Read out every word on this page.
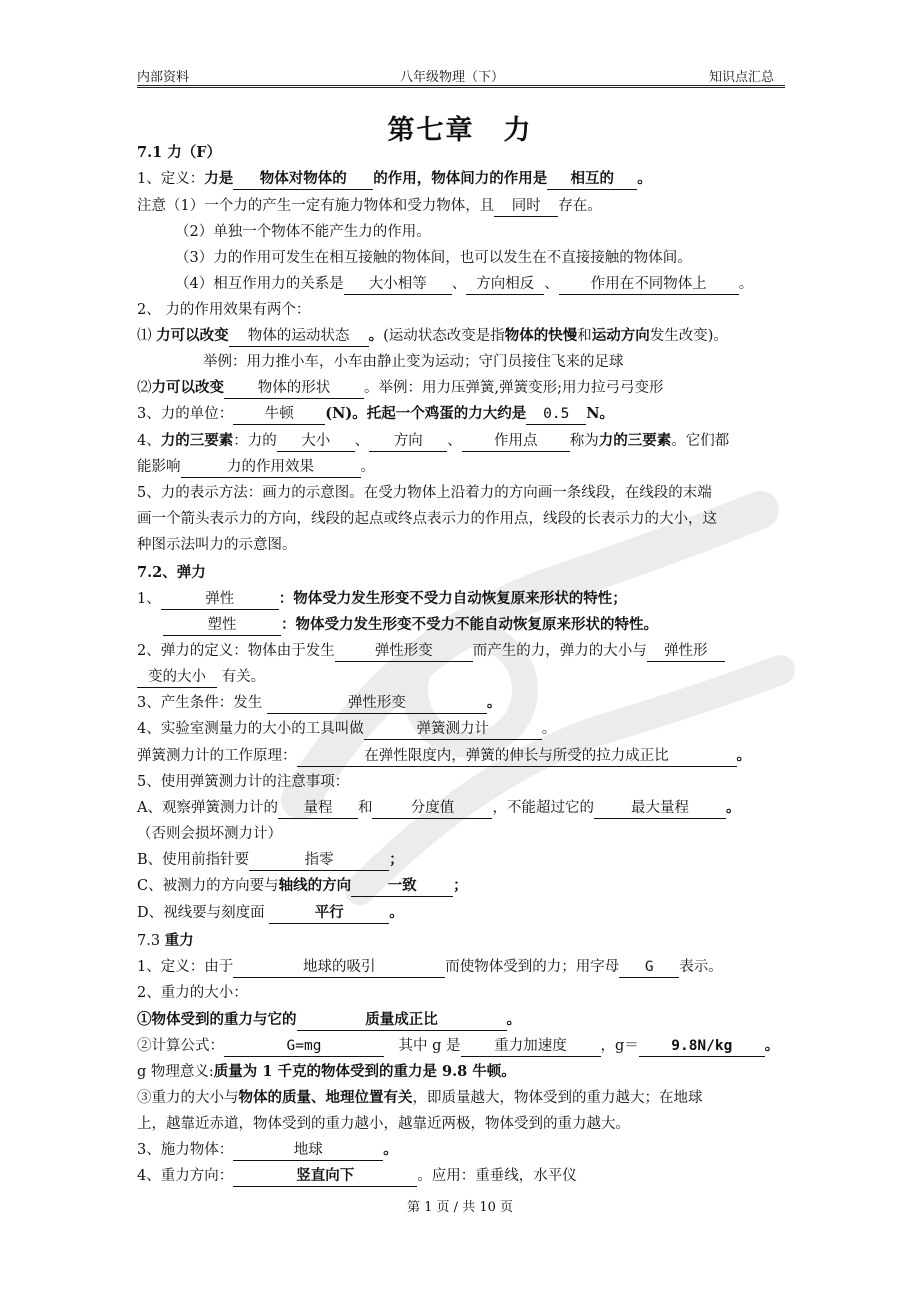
内部资料	八年级物理（下）	知识点汇总
第七章　力
7.1 力（F）
1、定义：力是 物体对物体的 的作用，物体间力的作用是 相互的 。
注意（1）一个力的产生一定有施力物体和受力物体，且 同时 存在。
（2）单独一个物体不能产生力的作用。
（3）力的作用可发生在相互接触的物体间，也可以发生在不直接接触的物体间。
（4）相互作用力的关系是 大小相等 、 方向相反 、 作用在不同物体上 。
2、 力的作用效果有两个：
⑴ 力可以改变 物体的运动状态 。(运动状态改变是指物体的快慢和运动方向发生改变)。
举例：用力推小车，小车由静止变为运动；守门员接住飞来的足球
⑵力可以改变 物体的形状 。举例：用力压弹簧,弹簧变形;用力拉弓弓变形
3、力的单位： 牛顿 (N)。托起一个鸡蛋的力大约是 0.5 N。
4、力的三要素：力的 大小 、 方向 、 作用点 称为力的三要素。它们都
能影响	力的作用效果	。
5、力的表示方法：画力的示意图。在受力物体上沿着力的方向画一条线段，在线段的末端
画一个箭头表示力的方向，线段的起点或终点表示力的作用点，线段的长表示力的大小，这
种图示法叫力的示意图。
7.2、弹力
1、	弹性	：物体受力发生形变不受力自动恢复原来形状的特性；
塑性	：物体受力发生形变不受力不能自动恢复原来形状的特性。
2、弹力的定义：物体由于发生	弹性形变	而产生的力，弹力的大小与 弹性形
变的大小 有关。
3、产生条件：发生	弹性形变	。
4、实验室测量力的大小的工具叫做	弹簧测力计	。
弹簧测力计的工作原理：	在弹性限度内，弹簧的伸长与所受的拉力成正比	。
5、使用弹簧测力计的注意事项：
A、观察弹簧测力计的 量程 和	分度值	，不能超过它的	最大量程	。
（否则会损坏测力计）
B、使用前指针要	指零	；
C、被测力的方向要与轴线的方向	一致	；
D、视线要与刻度面	平行	。
7.3 重力
1、定义：由于	地球的吸引	而使物体受到的力；用字母 G 表示。
2、重力的大小：
①物体受到的重力与它的	质量成正比	。
②计算公式：	G=mg	　其中 g 是 重力加速度 ，g＝ 9.8N/kg 。
g 物理意义:质量为 1 千克的物体受到的重力是 9.8 牛顿。
③重力的大小与物体的质量、地理位置有关，即质量越大，物体受到的重力越大；在地球
上，越靠近赤道，物体受到的重力越小，越靠近两极，物体受到的重力越大。
3、施力物体：	地球	。
4、重力方向：	竖直向下	。应用：重垂线，水平仪
第 1 页 / 共 10 页
